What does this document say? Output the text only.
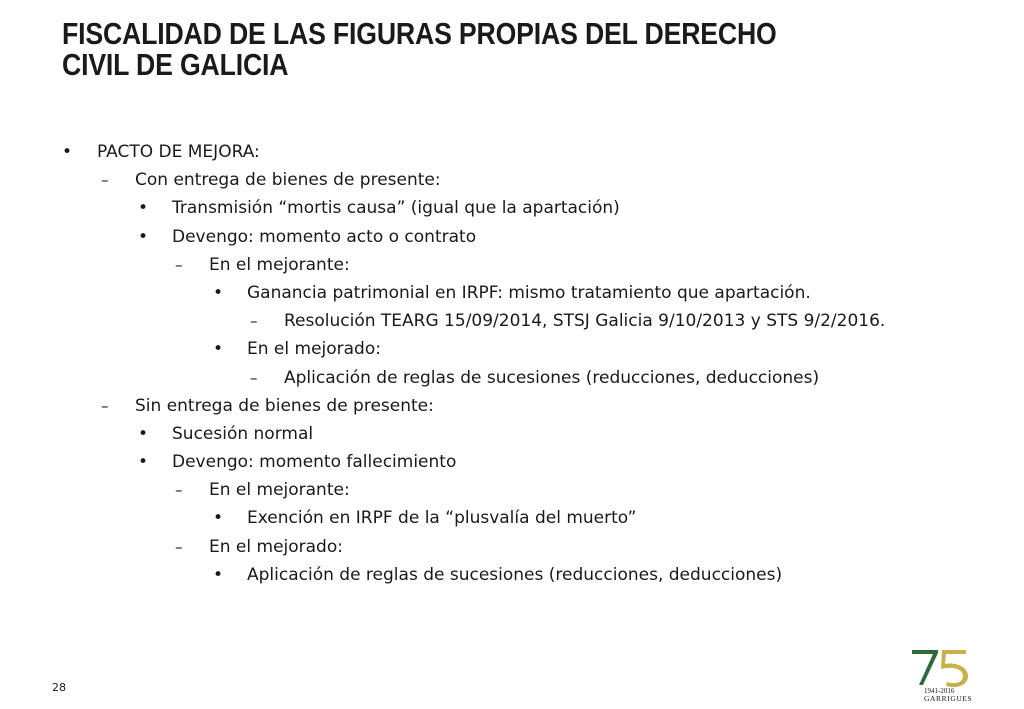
FISCALIDAD DE LAS FIGURAS PROPIAS DEL DERECHO
CIVIL DE GALICIA
•	PACTO DE MEJORA:
–	Con entrega de bienes de presente:
•	Transmisión “mortis causa” (igual que la apartación)
•	Devengo: momento acto o contrato
–	En el mejorante:
•	Ganancia patrimonial en IRPF: mismo tratamiento que apartación.
–	Resolución TEARG 15/09/2014, STSJ Galicia 9/10/2013 y STS 9/2/2016.
•	En el mejorado:
–	Aplicación de reglas de sucesiones (reducciones, deducciones)
–	Sin entrega de bienes de presente:
•	Sucesión normal
•	Devengo: momento fallecimiento
–	En el mejorante:
•	Exención en IRPF de la “plusvalía del muerto”
–	En el mejorado:
•	Aplicación de reglas de sucesiones (reducciones, deducciones)
28	1941-2016
GARRIGUES
